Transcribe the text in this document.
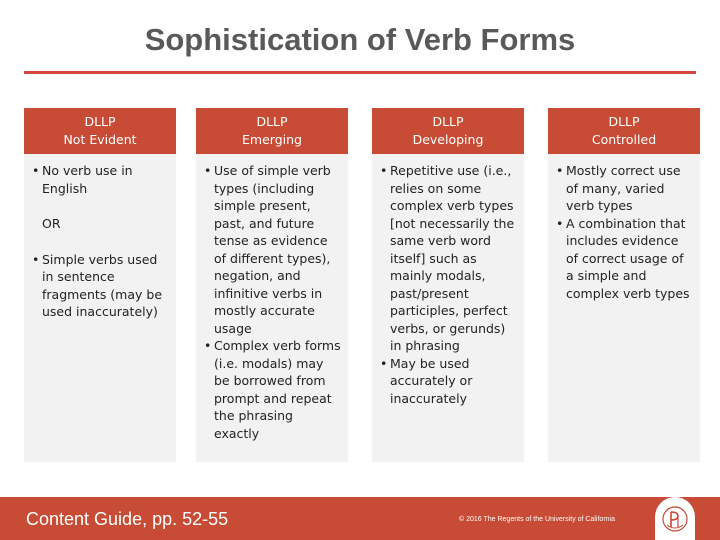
Sophistication of Verb Forms
DLLP
Not Evident
• No verb use in English
OR
• Simple verbs used in sentence fragments (may be used inaccurately)
DLLP
Emerging
• Use of simple verb types (including simple present, past, and future tense as evidence of different types), negation, and infinitive verbs in mostly accurate usage
• Complex verb forms (i.e. modals) may be borrowed from prompt and repeat the phrasing exactly
DLLP
Developing
• Repetitive use (i.e., relies on some complex verb types [not necessarily the same verb word itself] such as mainly modals, past/present participles, perfect verbs, or gerunds) in phrasing
• May be used accurately or inaccurately
DLLP
Controlled
• Mostly correct use of many, varied verb types
• A combination that includes evidence of correct usage of a simple and complex verb types
Content Guide, pp. 52-55	© 2016 The Regents of the University of California
